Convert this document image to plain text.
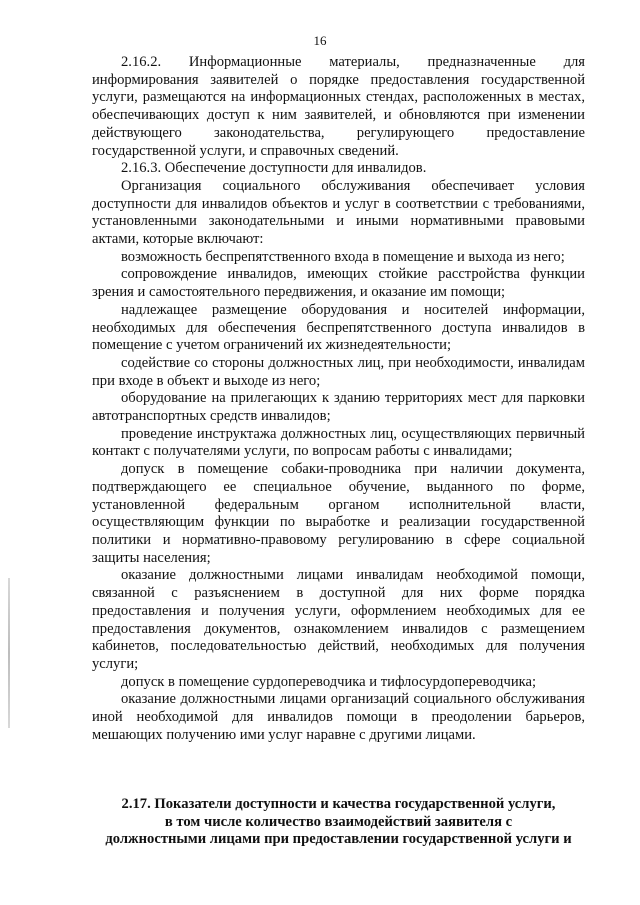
16

2.16.2. Информационные материалы, предназначенные для информирования заявителей о порядке предоставления государственной услуги, размещаются на информационных стендах, расположенных в местах, обеспечивающих доступ к ним заявителей, и обновляются при изменении действующего законодательства, регулирующего предоставление государственной услуги, и справочных сведений.

2.16.3. Обеспечение доступности для инвалидов.

Организация социального обслуживания обеспечивает условия доступности для инвалидов объектов и услуг в соответствии с требованиями, установленными законодательными и иными нормативными правовыми актами, которые включают:

возможность беспрепятственного входа в помещение и выхода из него;

сопровождение инвалидов, имеющих стойкие расстройства функции зрения и самостоятельного передвижения, и оказание им помощи;

надлежащее размещение оборудования и носителей информации, необходимых для обеспечения беспрепятственного доступа инвалидов в помещение с учетом ограничений их жизнедеятельности;

содействие со стороны должностных лиц, при необходимости, инвалидам при входе в объект и выходе из него;

оборудование на прилегающих к зданию территориях мест для парковки автотранспортных средств инвалидов;

проведение инструктажа должностных лиц, осуществляющих первичный контакт с получателями услуги, по вопросам работы с инвалидами;

допуск в помещение собаки-проводника при наличии документа, подтверждающего ее специальное обучение, выданного по форме, установленной федеральным органом исполнительной власти, осуществляющим функции по выработке и реализации государственной политики и нормативно-правовому регулированию в сфере социальной защиты населения;

оказание должностными лицами инвалидам необходимой помощи, связанной с разъяснением в доступной для них форме порядка предоставления и получения услуги, оформлением необходимых для ее предоставления документов, ознакомлением инвалидов с размещением кабинетов, последовательностью действий, необходимых для получения услуги;

допуск в помещение сурдопереводчика и тифлосурдопереводчика;

оказание должностными лицами организаций социального обслуживания иной необходимой для инвалидов помощи в преодолении барьеров, мешающих получению ими услуг наравне с другими лицами.

2.17. Показатели доступности и качества государственной услуги,
в том числе количество взаимодействий заявителя с
должностными лицами при предоставлении государственной услуги и
